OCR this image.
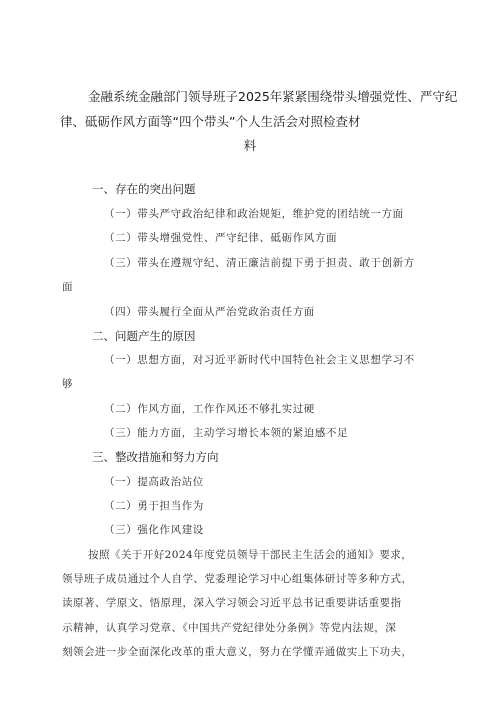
金融系统金融部门领导班子2025年紧紧围绕带头增强党性、严守纪
律、砥砺作风方面等“四个带头”个人生活会对照检查材
料
一、存在的突出问题
（一）带头严守政治纪律和政治规矩，维护党的团结统一方面
（二）带头增强党性、严守纪律、砥砺作风方面
（三）带头在遵规守纪、清正廉洁前提下勇于担责、敢于创新方
面
（四）带头履行全面从严治党政治责任方面
二、问题产生的原因
（一）思想方面，对习近平新时代中国特色社会主义思想学习不
够
（二）作风方面，工作作风还不够扎实过硬
（三）能力方面，主动学习增长本领的紧迫感不足
三、整改措施和努力方向
（一）提高政治站位
（二）勇于担当作为
（三）强化作风建设
按照《关于开好2024年度党员领导干部民主生活会的通知》要求，
领导班子成员通过个人自学、党委理论学习中心组集体研讨等多种方式，
读原著、学原文、悟原理，深入学习领会习近平总书记重要讲话重要指
示精神，认真学习党章、《中国共产党纪律处分条例》等党内法规，深
刻领会进一步全面深化改革的重大意义，努力在学懂弄通做实上下功夫，
